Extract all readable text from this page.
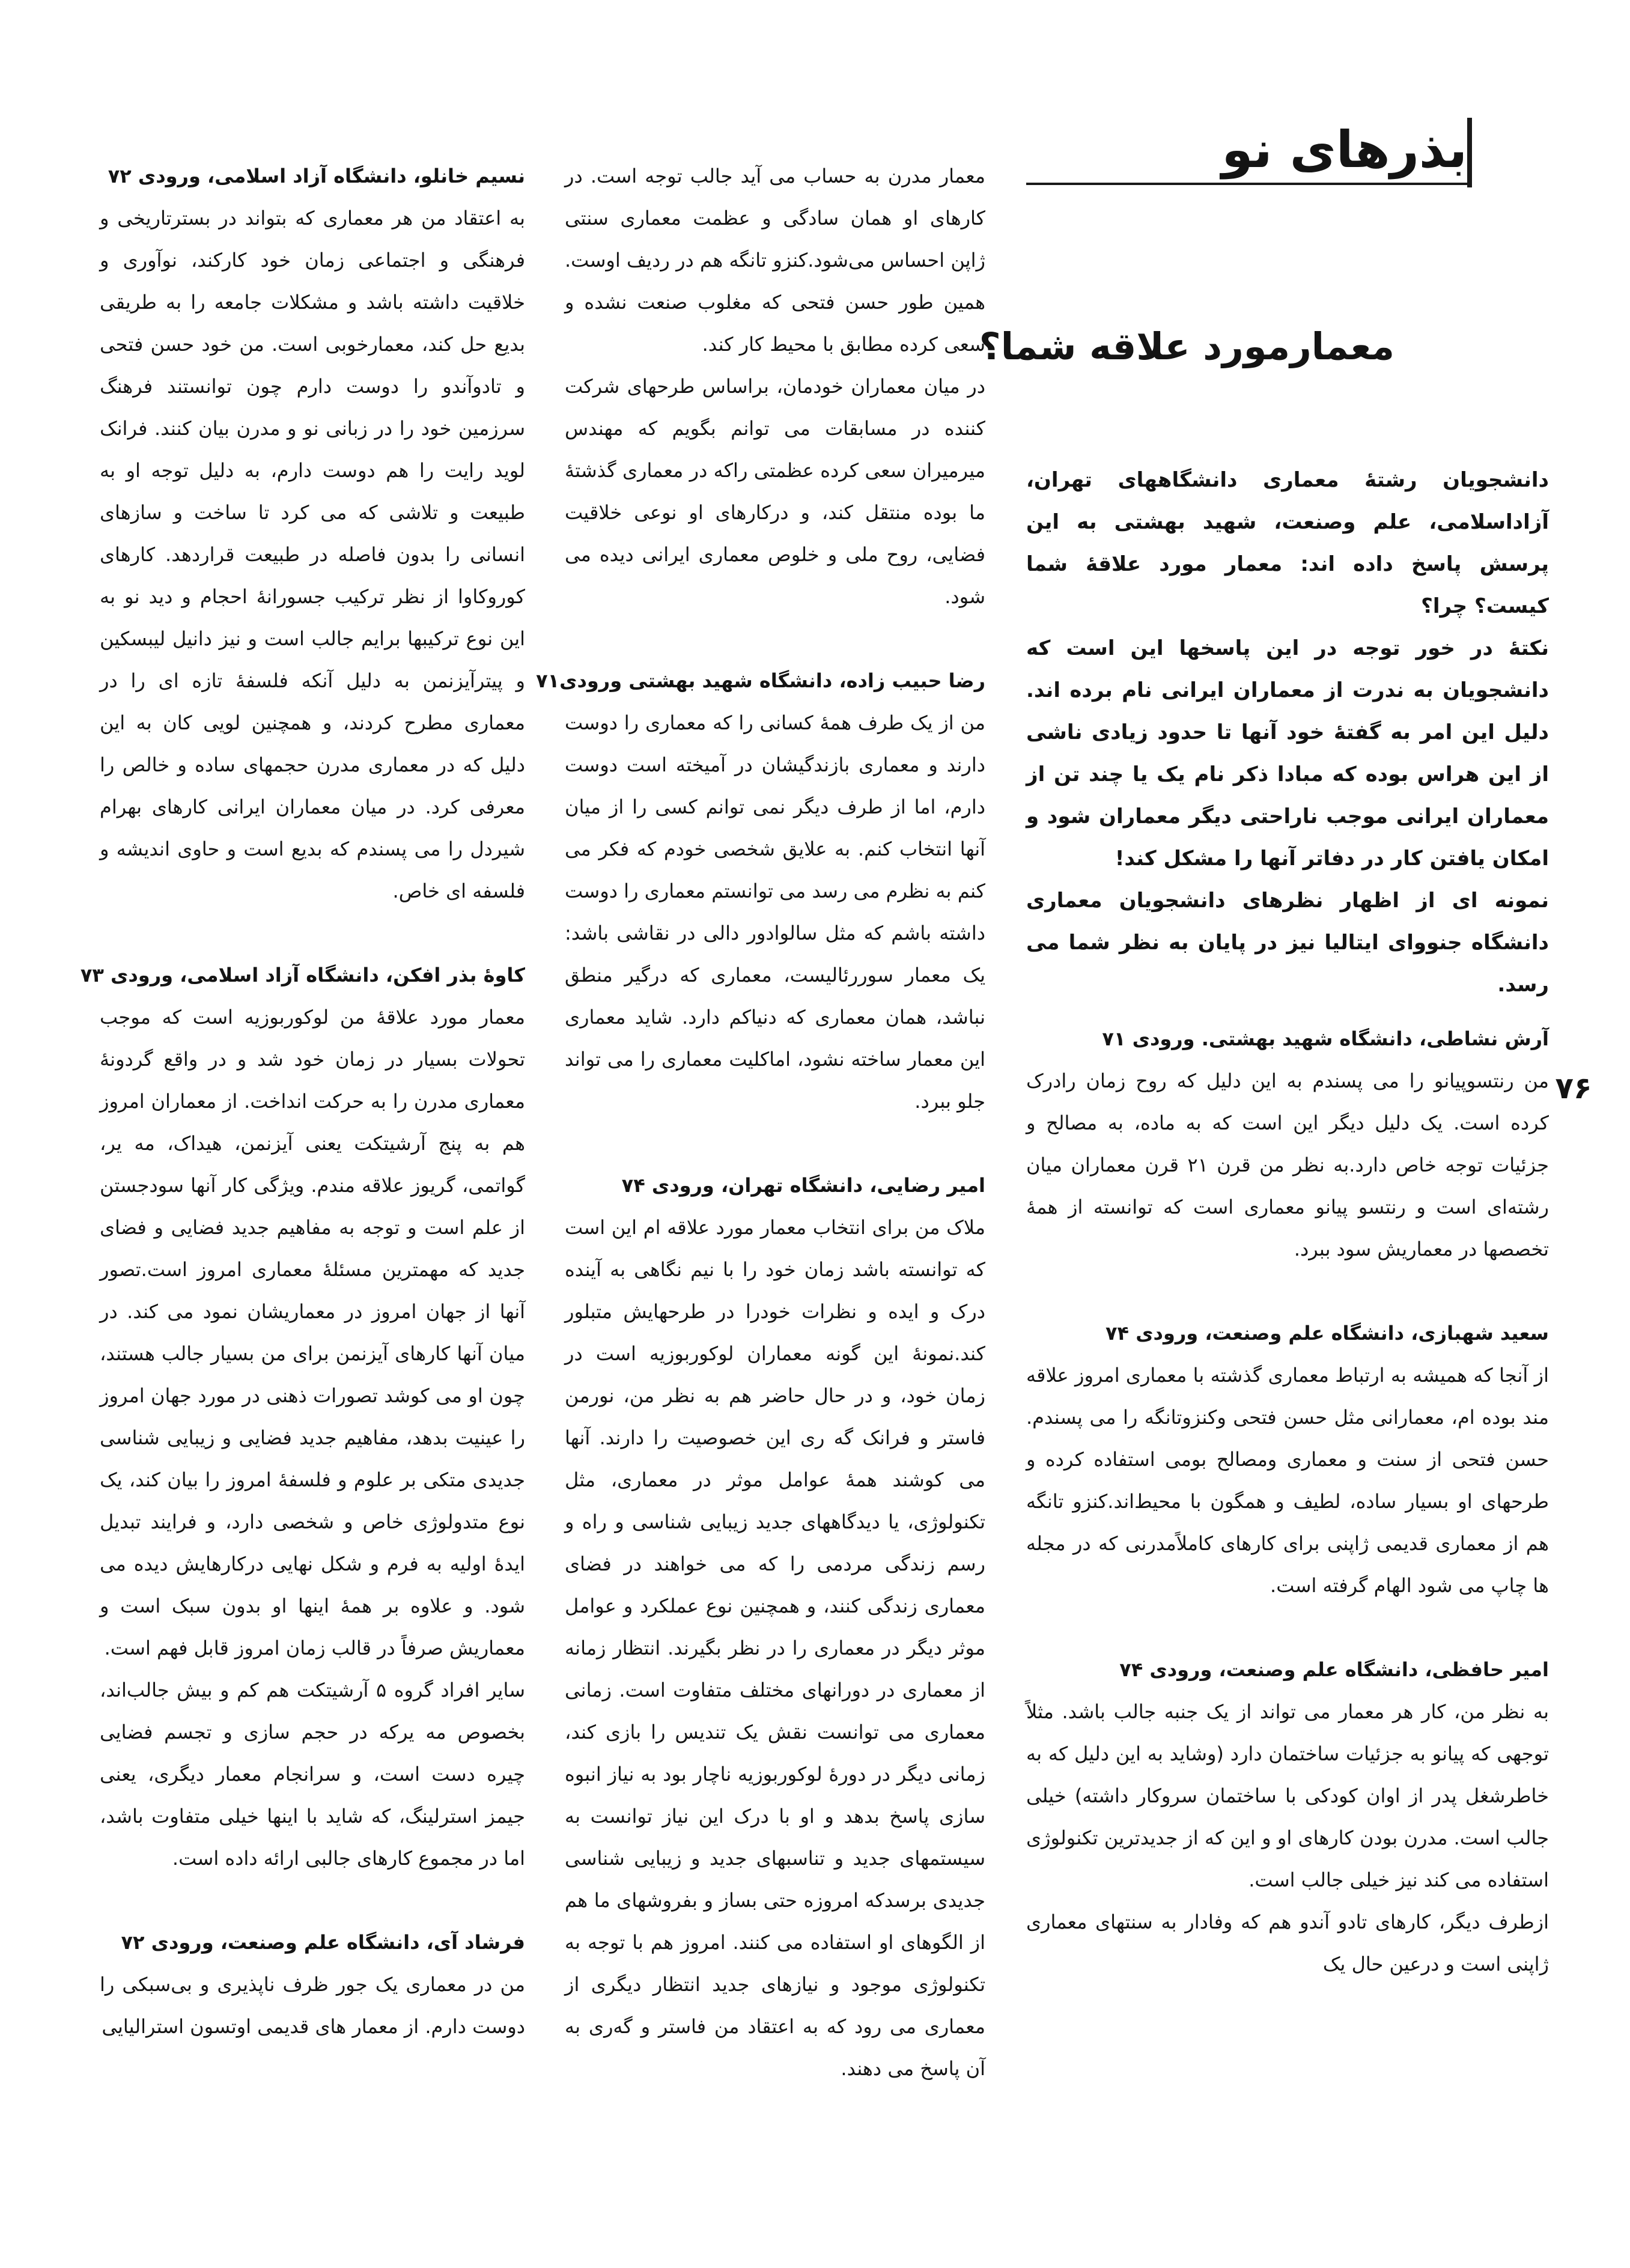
بذرهای نو
معمارمورد علاقه شما؟
۷۶

دانشجویان رشتهٔ معماری دانشگاههای تهران، آزاداسلامی، علم وصنعت، شهید بهشتی به این پرسش پاسخ داده اند: معمار مورد علاقهٔ شما کیست؟ چرا؟

نکتهٔ در خور توجه در این پاسخها این است که دانشجویان به ندرت از معماران ایرانی نام برده اند. دلیل این امر به گفتهٔ خود آنها تا حدود زیادی ناشی از این هراس بوده که مبادا ذکر نام یک یا چند تن از معماران ایرانی موجب ناراحتی دیگر معماران شود و امکان یافتن کار در دفاتر آنها را مشکل کند!

نمونه ای از اظهار نظرهای دانشجویان معماری دانشگاه جنووای ایتالیا نیز در پایان به نظر شما می رسد.

آرش نشاطی، دانشگاه شهید بهشتی. ورودی ۷۱

من رنتسوپیانو را می پسندم به این دلیل که روح زمان رادرک کرده است. یک دلیل دیگر این است که به ماده، به مصالح و جزئیات توجه خاص دارد.به نظر من قرن ۲۱ قرن معماران میان رشته‌ای است و رنتسو پیانو معماری است که توانسته از همهٔ تخصصها در معماریش سود ببرد.

سعید شهبازی، دانشگاه علم وصنعت، ورودی ۷۴

از آنجا که همیشه به ارتباط معماری گذشته با معماری امروز علاقه مند بوده ام، معمارانی مثل حسن فتحی وکنزوتانگه را می پسندم. حسن فتحی از سنت و معماری ومصالح بومی استفاده کرده و طرحهای او بسیار ساده، لطیف و همگون با محیط‌اند.کنزو تانگه هم از معماری قدیمی ژاپنی برای کارهای کاملاًمدرنی که در مجله ها چاپ می شود الهام گرفته است.

امیر حافظی، دانشگاه علم وصنعت، ورودی ۷۴

به نظر من، کار هر معمار می تواند از یک جنبه جالب باشد. مثلاً توجهی که پیانو به جزئیات ساختمان دارد (وشاید به این دلیل که به خاطرشغل پدر از اوان کودکی با ساختمان سروکار داشته) خیلی جالب است. مدرن بودن کارهای او و این که از جدیدترین تکنولوژی استفاده می کند نیز خیلی جالب است.

ازطرف دیگر، کارهای تادو آندو هم که وفادار به سنتهای معماری ژاپنی است و درعین حال یک

معمار مدرن به حساب می آید جالب توجه است. در کارهای او همان سادگی و عظمت معماری سنتی ژاپن احساس می‌شود.کنزو تانگه هم در ردیف اوست. همین طور حسن فتحی که مغلوب صنعت نشده و سعی کرده مطابق با محیط کار کند.

در میان معماران خودمان، براساس طرحهای شرکت کننده در مسابقات می توانم بگویم که مهندس میرمیران سعی کرده عظمتی راکه در معماری گذشتهٔ ما بوده منتقل کند، و درکارهای او نوعی خلاقیت فضایی، روح ملی و خلوص معماری ایرانی دیده می شود.

رضا حبیب زاده، دانشگاه شهید بهشتی ورودی۷۱

من از یک طرف همهٔ کسانی را که معماری را دوست دارند و معماری بازندگیشان در آمیخته است دوست دارم، اما از طرف دیگر نمی توانم کسی را از میان آنها انتخاب کنم. به علایق شخصی خودم که فکر می کنم به نظرم می رسد می توانستم معماری را دوست داشته باشم که مثل سالوادور دالی در نقاشی باشد: یک معمار سوررئالیست، معماری که درگیر منطق نباشد، همان معماری که دنیاکم دارد. شاید معماری این معمار ساخته نشود، اماکلیت معماری را می تواند جلو ببرد.

امیر رضایی، دانشگاه تهران، ورودی ۷۴

ملاک من برای انتخاب معمار مورد علاقه ام این است که توانسته باشد زمان خود را با نیم نگاهی به آینده درک و ایده و نظرات خودرا در طرحهایش متبلور کند.نمونهٔ این گونه معماران لوکوربوزیه است در زمان خود، و در حال حاضر هم به نظر من، نورمن فاستر و فرانک گه ری این خصوصیت را دارند. آنها می کوشند همهٔ عوامل موثر در معماری، مثل تکنولوژی، یا دیدگاههای جدید زیبایی شناسی و راه و رسم زندگی مردمی را که می خواهند در فضای معماری زندگی کنند، و همچنین نوع عملکرد و عوامل موثر دیگر در معماری را در نظر بگیرند. انتظار زمانه از معماری در دورانهای مختلف متفاوت است. زمانی معماری می توانست نقش یک تندیس را بازی کند، زمانی دیگر در دورهٔ لوکوربوزیه ناچار بود به نیاز انبوه سازی پاسخ بدهد و او با درک این نیاز توانست به سیستمهای جدید و تناسبهای جدید و زیبایی شناسی جدیدی برسدکه امروزه حتی بساز و بفروشهای ما هم از الگوهای او استفاده می کنند. امروز هم با توجه به تکنولوژی موجود و نیازهای جدید انتظار دیگری از معماری می رود که به اعتقاد من فاستر و گه‌ری به آن پاسخ می دهند.

نسیم خانلو، دانشگاه آزاد اسلامی، ورودی ۷۲

به اعتقاد من هر معماری که بتواند در بسترتاریخی و فرهنگی و اجتماعی زمان خود کارکند، نوآوری و خلاقیت داشته باشد و مشکلات جامعه را به طریقی بدیع حل کند، معمارخوبی است. من خود حسن فتحی و تادوآندو را دوست دارم چون توانستند فرهنگ سرزمین خود را در زبانی نو و مدرن بیان کنند. فرانک لوید رایت را هم دوست دارم، به دلیل توجه او به طبیعت و تلاشی که می کرد تا ساخت و سازهای انسانی را بدون فاصله در طبیعت قراردهد. کارهای کوروکاوا از نظر ترکیب جسورانهٔ احجام و دید نو به این نوع ترکیبها برایم جالب است و نیز دانیل لیبسکین و پیترآیزنمن به دلیل آنکه فلسفهٔ تازه ای را در معماری مطرح کردند، و همچنین لویی کان به این دلیل که در معماری مدرن حجمهای ساده و خالص را معرفی کرد. در میان معماران ایرانی کارهای بهرام شیردل را می پسندم که بدیع است و حاوی اندیشه و فلسفه ای خاص.

کاوهٔ بذر افکن، دانشگاه آزاد اسلامی، ورودی ۷۳

معمار مورد علاقهٔ من لوکوربوزیه است که موجب تحولات بسیار در زمان خود شد و در واقع گردونهٔ معماری مدرن را به حرکت انداخت. از معماران امروز هم به پنج آرشیتکت یعنی آیزنمن، هیداک، مه یر، گواتمی، گریوز علاقه مندم. ویژگی کار آنها سودجستن از علم است و توجه به مفاهیم جدید فضایی و فضای جدید که مهمترین مسئلهٔ معماری امروز است.تصور آنها از جهان امروز در معماریشان نمود می کند. در میان آنها کارهای آیزنمن برای من بسیار جالب هستند، چون او می کوشد تصورات ذهنی در مورد جهان امروز را عینیت بدهد، مفاهیم جدید فضایی و زیبایی شناسی جدیدی متکی بر علوم و فلسفهٔ امروز را بیان کند، یک نوع متدولوژی خاص و شخصی دارد، و فرایند تبدیل ایدهٔ اولیه به فرم و شکل نهایی درکارهایش دیده می شود. و علاوه بر همهٔ اینها او بدون سبک است و معماریش صرفاً در قالب زمان امروز قابل فهم است.

سایر افراد گروه ۵ آرشیتکت هم کم و بیش جالب‌اند، بخصوص مه یرکه در حجم سازی و تجسم فضایی چیره دست است، و سرانجام معمار دیگری، یعنی جیمز استرلینگ، که شاید با اینها خیلی متفاوت باشد، اما در مجموع کارهای جالبی ارائه داده است.

فرشاد آی، دانشگاه علم وصنعت، ورودی ۷۲

من در معماری یک جور ظرف ناپذیری و بی‌سبکی را دوست دارم. از معمار های قدیمی اوتسون استرالیایی
